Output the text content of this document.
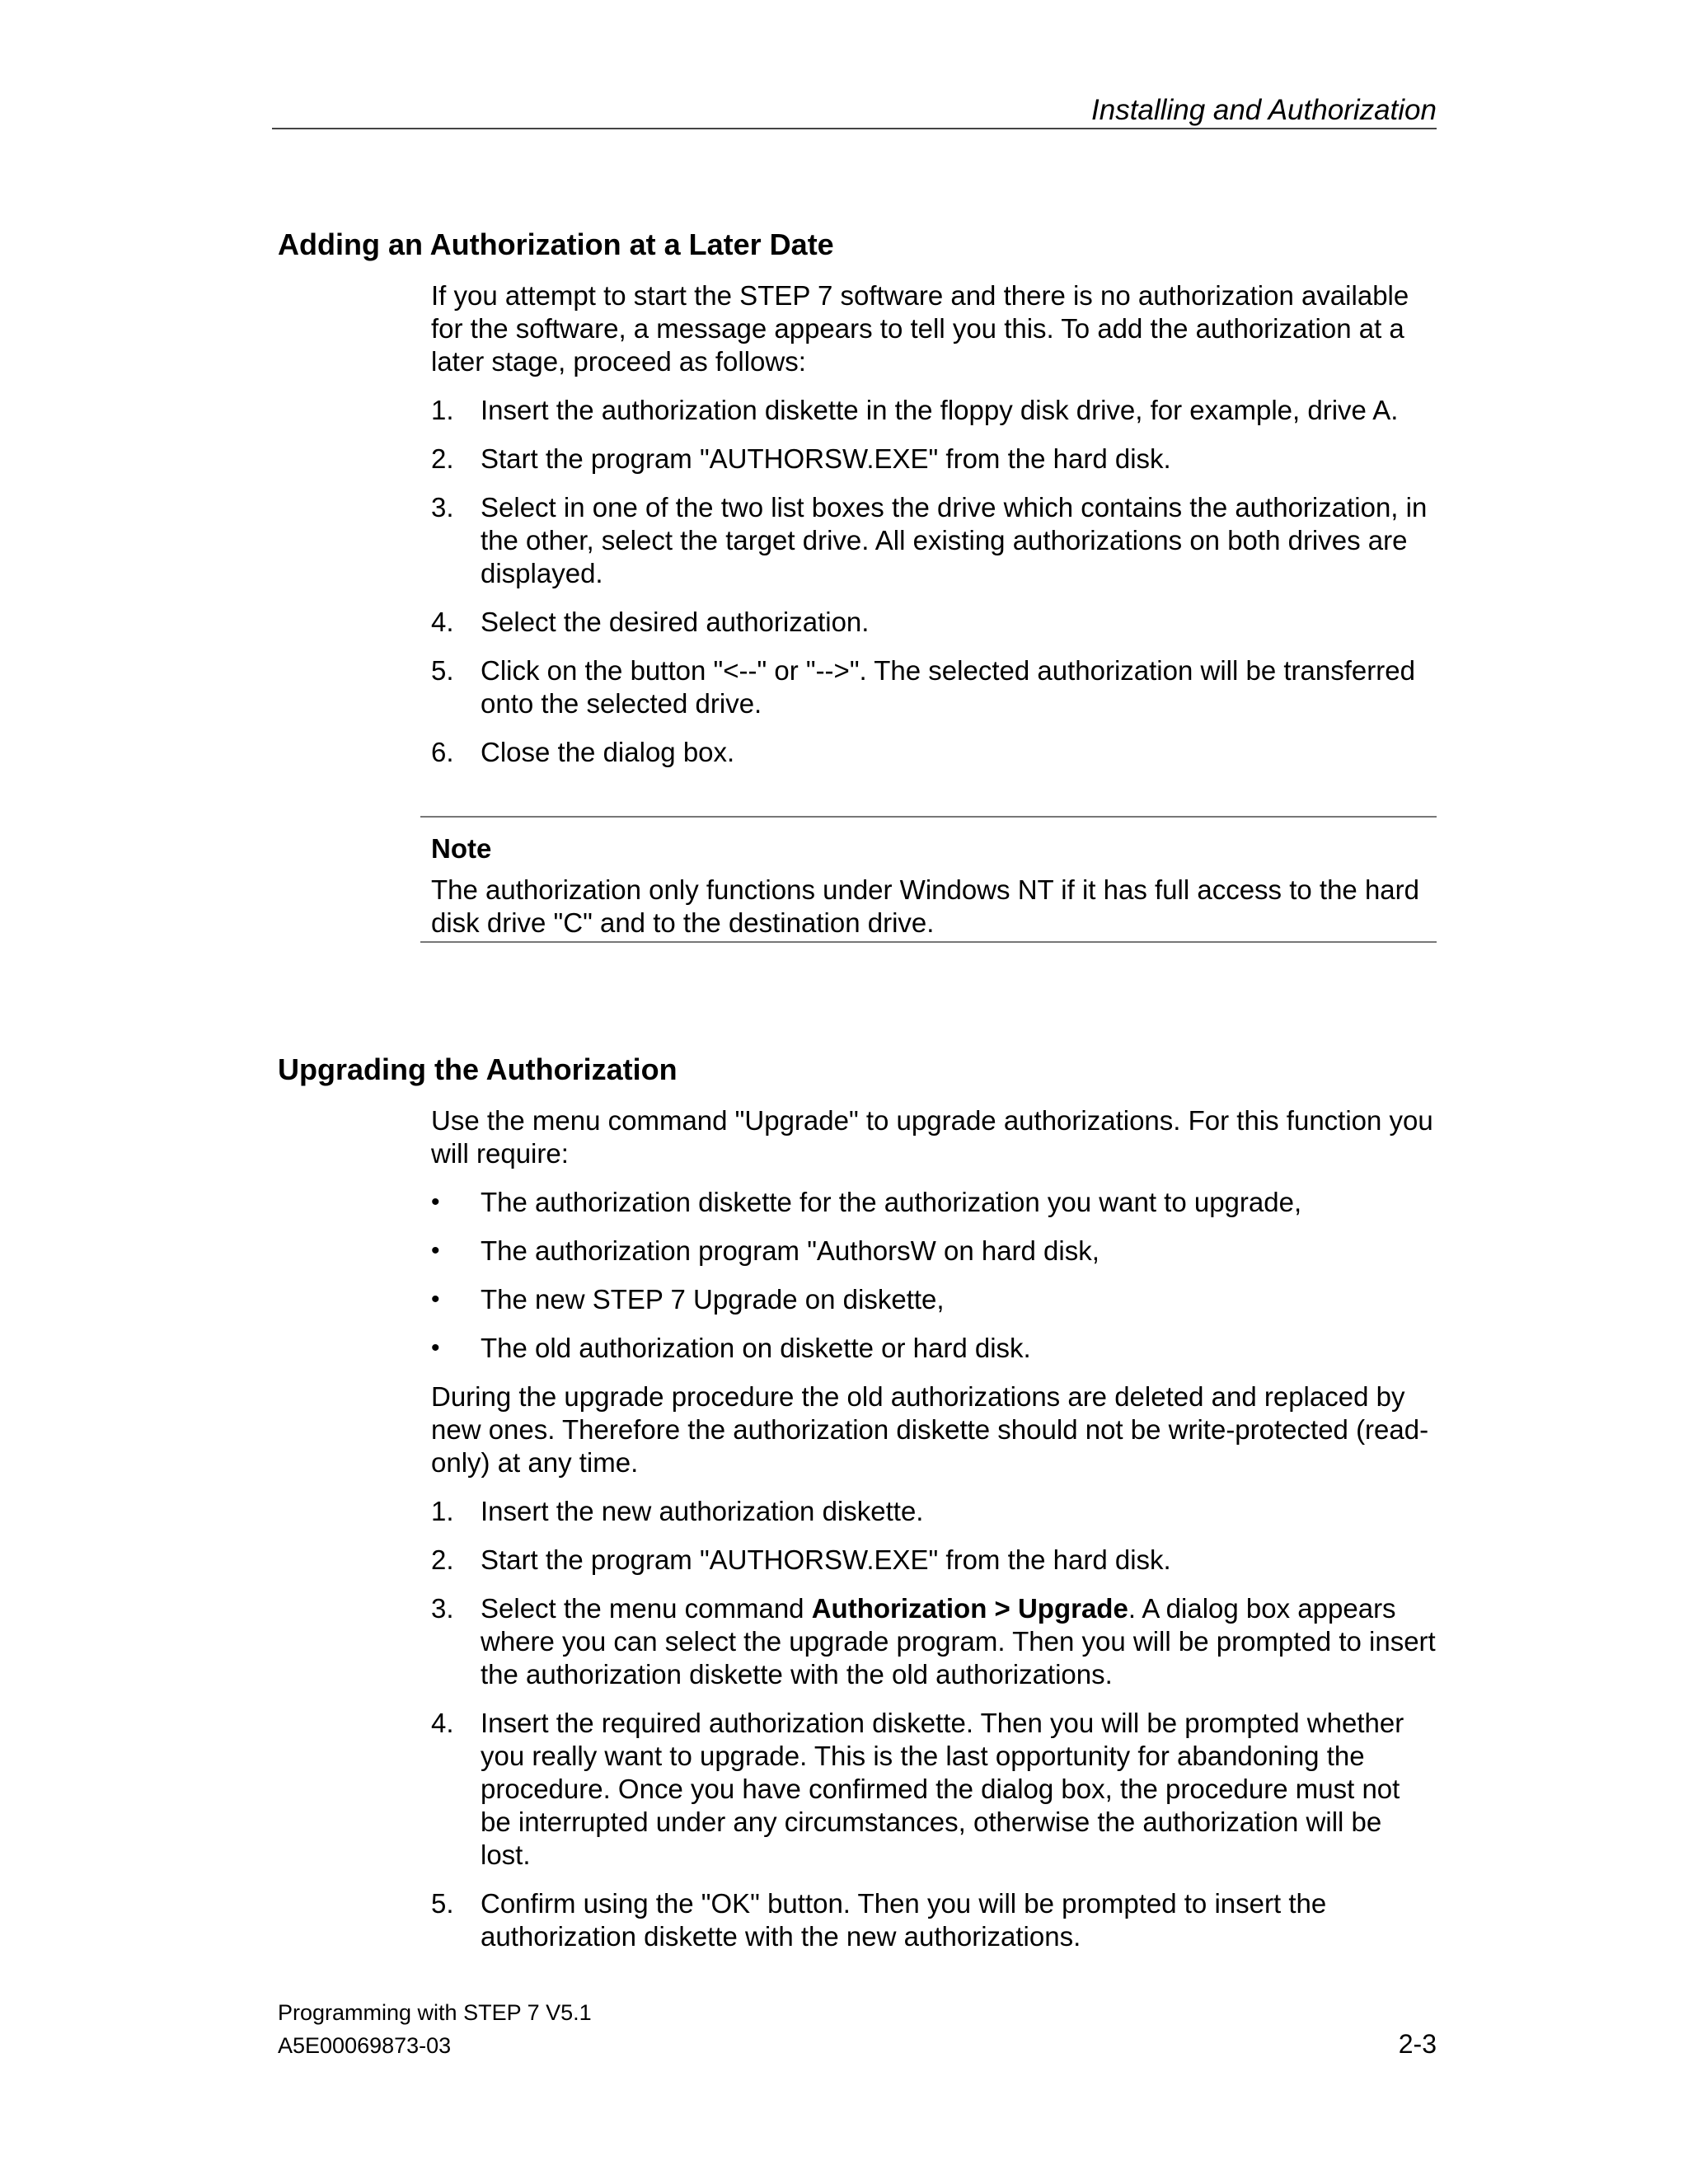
Installing and Authorization
Adding an Authorization at a Later Date

If you attempt to start the STEP 7 software and there is no authorization available for the software, a message appears to tell you this. To add the authorization at a later stage, proceed as follows:

1. Insert the authorization diskette in the floppy disk drive, for example, drive A.
2. Start the program "AUTHORSW.EXE" from the hard disk.
3. Select in one of the two list boxes the drive which contains the authorization, in the other, select the target drive. All existing authorizations on both drives are displayed.
4. Select the desired authorization.
5. Click on the button "<--" or "-->". The selected authorization will be transferred onto the selected drive.
6. Close the dialog box.
Note
The authorization only functions under Windows NT if it has full access to the hard disk drive "C" and to the destination drive.
Upgrading the Authorization

Use the menu command "Upgrade" to upgrade authorizations. For this function you will require:

•	The authorization diskette for the authorization you want to upgrade,
•	The authorization program "AuthorsW on hard disk,
•	The new STEP 7 Upgrade on diskette,
•	The old authorization on diskette or hard disk.

During the upgrade procedure the old authorizations are deleted and replaced by new ones. Therefore the authorization diskette should not be write-protected (read-only) at any time.

1. Insert the new authorization diskette.
2. Start the program "AUTHORSW.EXE" from the hard disk.
3. Select the menu command Authorization > Upgrade. A dialog box appears where you can select the upgrade program. Then you will be prompted to insert the authorization diskette with the old authorizations.
4. Insert the required authorization diskette. Then you will be prompted whether you really want to upgrade. This is the last opportunity for abandoning the procedure. Once you have confirmed the dialog box, the procedure must not be interrupted under any circumstances, otherwise the authorization will be lost.
5. Confirm using the "OK" button. Then you will be prompted to insert the authorization diskette with the new authorizations.
Programming with STEP 7 V5.1
A5E00069873-03	2-3
